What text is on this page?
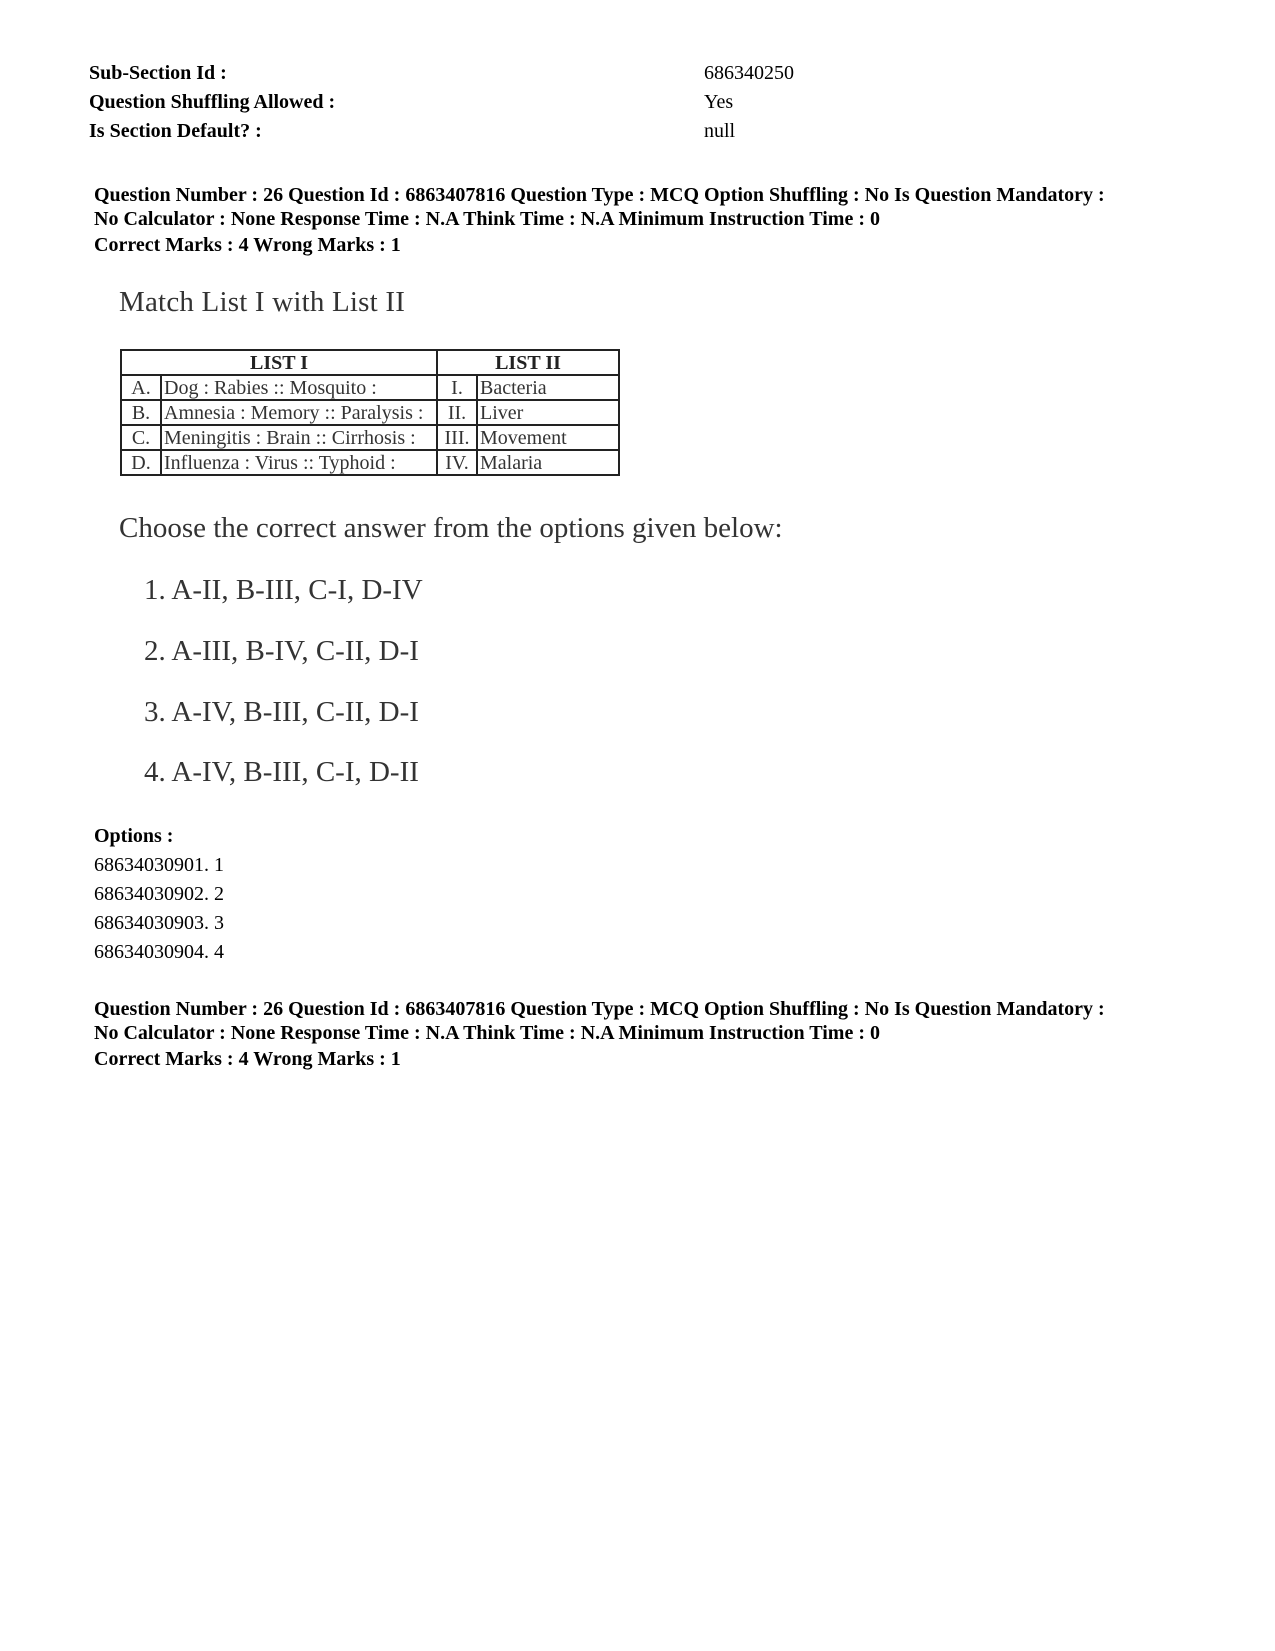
Sub-Section Id :	686340250
Question Shuffling Allowed :	Yes
Is Section Default? :	null
Question Number : 26 Question Id : 6863407816 Question Type : MCQ Option Shuffling : No Is Question Mandatory :
No Calculator : None Response Time : N.A Think Time : N.A Minimum Instruction Time : 0
Correct Marks : 4 Wrong Marks : 1
Match List I with List II
LIST I		LIST II	
A.	Dog : Rabies :: Mosquito :	I.	Bacteria
B.	Amnesia : Memory :: Paralysis :	II.	Liver
C.	Meningitis : Brain :: Cirrhosis :	III.	Movement
D.	Influenza : Virus :: Typhoid :	IV.	Malaria
Choose the correct answer from the options given below:
1. A-II, B-III, C-I, D-IV
2. A-III, B-IV, C-II, D-I
3. A-IV, B-III, C-II, D-I
4. A-IV, B-III, C-I, D-II
Options :
68634030901. 1
68634030902. 2
68634030903. 3
68634030904. 4
Question Number : 26 Question Id : 6863407816 Question Type : MCQ Option Shuffling : No Is Question Mandatory :
No Calculator : None Response Time : N.A Think Time : N.A Minimum Instruction Time : 0
Correct Marks : 4 Wrong Marks : 1
